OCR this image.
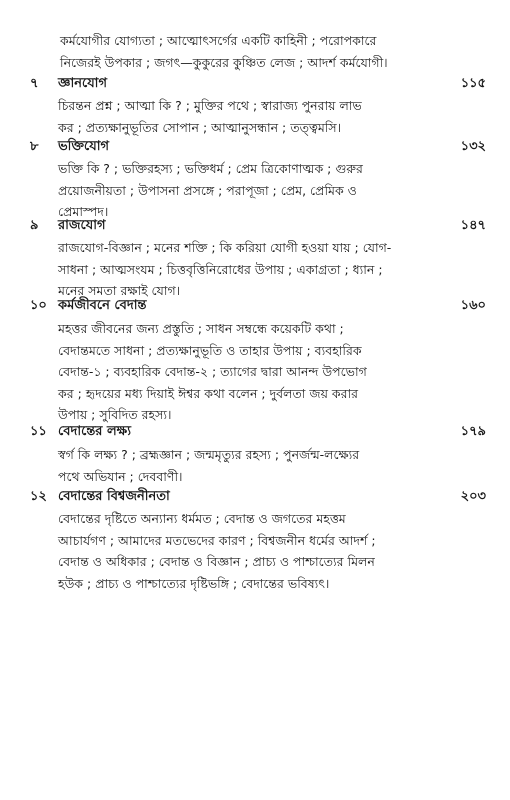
কর্মযোগীর যোগ্যতা ; আত্মোৎসর্গের একটি কাহিনী ; পরোপকারে

নিজেরই উপকার ; জগৎ—কুকুরের কুঞ্চিত লেজ ; আদর্শ কর্মযোগী।

৭ জ্ঞানযোগ	১১৫

চিরন্তন প্রশ্ন ; আত্মা কি ? ; মুক্তির পথে ; স্বারাজ্য পুনরায় লাভ

কর ; প্রত্যক্ষানুভূতির সোপান ; আত্মানুসন্ধান ; তত্ত্বমসি।

৮ ভক্তিযোগ	১৩২

ভক্তি কি ? ; ভক্তিরহস্য ; ভক্তিধর্ম ; প্রেম ত্রিকোণাত্মক ; গুরুর

প্রয়োজনীয়তা ; উপাসনা প্রসঙ্গে ; পরাপূজা ; প্রেম, প্রেমিক ও

প্রেমাস্পদ।

৯ রাজযোগ	১৪৭

রাজযোগ-বিজ্ঞান ; মনের শক্তি ; কি করিয়া যোগী হওয়া যায় ; যোগ-

সাধনা ; আত্মসংযম ; চিত্তবৃত্তিনিরোধের উপায় ; একাগ্রতা ; ধ্যান ;

মনের সমতা রক্ষাই যোগ।

১০ কর্মজীবনে বেদান্ত	১৬০

মহত্তর জীবনের জন্য প্রস্তুতি ; সাধন সম্বন্ধে কয়েকটি কথা ;

বেদান্তমতে সাধনা ; প্রত্যক্ষানুভূতি ও তাহার উপায় ; ব্যবহারিক

বেদান্ত-১ ; ব্যবহারিক বেদান্ত-২ ; ত্যাগের দ্বারা আনন্দ উপভোগ

কর ; হৃদয়ের মধ্য দিয়াই ঈশ্বর কথা বলেন ; দুর্বলতা জয় করার

উপায় ; সুবিদিত রহস্য।

১১ বেদান্তের লক্ষ্য	১৭৯

স্বর্গ কি লক্ষ্য ? ; ব্রহ্মজ্ঞান ; জন্মমৃত্যুর রহস্য ; পুনর্জন্ম-লক্ষ্যের

পথে অভিযান ; দেববাণী।

১২ বেদান্তের বিশ্বজনীনতা	২০৩

বেদান্তের দৃষ্টিতে অন্যান্য ধর্মমত ; বেদান্ত ও জগতের মহত্তম

আচার্যগণ ; আমাদের মতভেদের কারণ ; বিশ্বজনীন ধর্মের আদর্শ ;

বেদান্ত ও অধিকার ; বেদান্ত ও বিজ্ঞান ; প্রাচ্য ও পাশ্চাত্যের মিলন

হউক ; প্রাচ্য ও পাশ্চাত্যের দৃষ্টিভঙ্গি ; বেদান্তের ভবিষ্যৎ।
